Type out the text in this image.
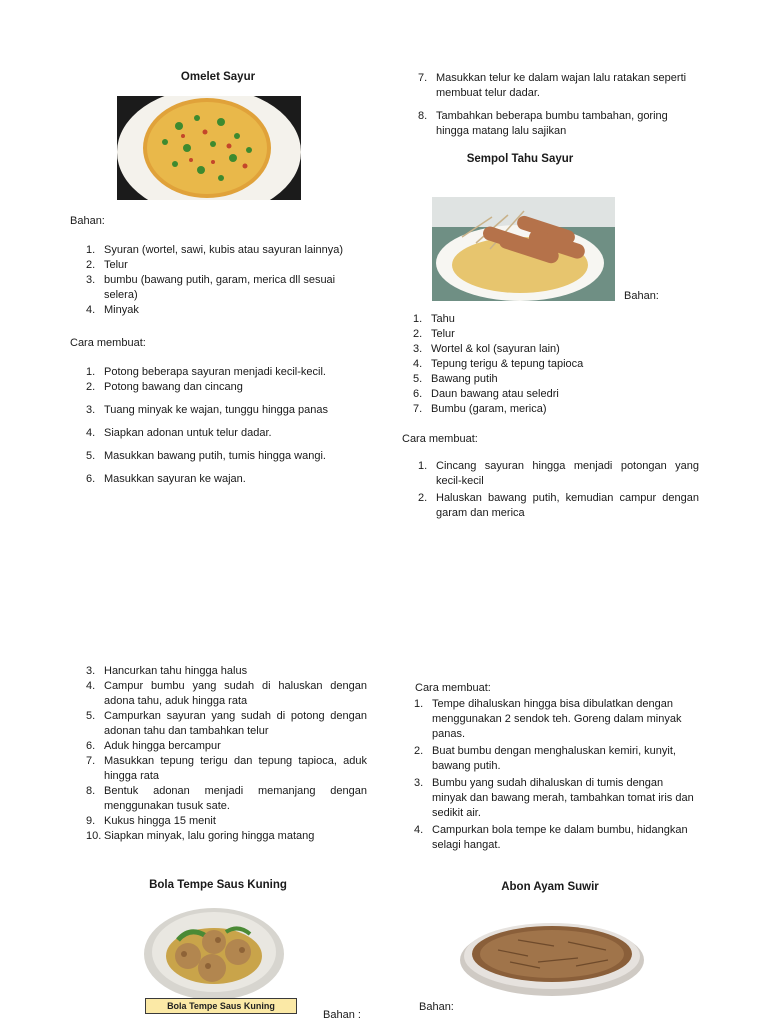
Omelet Sayur
Bahan:
1. Syuran (wortel, sawi, kubis atau sayuran lainnya)
2. Telur
3. bumbu (bawang putih, garam, merica dll sesuai selera)
4. Minyak
Cara membuat:
1. Potong beberapa sayuran menjadi kecil-kecil.
2. Potong bawang dan cincang
3. Tuang minyak ke wajan, tunggu hingga panas
4. Siapkan adonan untuk telur dadar.
5. Masukkan bawang putih, tumis hingga wangi.
6. Masukkan sayuran ke wajan.
7. Masukkan telur ke dalam wajan lalu ratakan seperti membuat telur dadar.
8. Tambahkan beberapa bumbu tambahan, goring hingga matang lalu sajikan
Sempol Tahu Sayur
Bahan:
1. Tahu
2. Telur
3. Wortel & kol (sayuran lain)
4. Tepung terigu & tepung tapioca
5. Bawang putih
6. Daun bawang atau seledri
7. Bumbu (garam, merica)
Cara membuat:
1. Cincang sayuran hingga menjadi potongan yang kecil-kecil
2. Haluskan bawang putih, kemudian campur dengan garam dan merica
3. Hancurkan tahu hingga halus
4. Campur bumbu yang sudah di haluskan dengan adona tahu, aduk hingga rata
5. Campurkan sayuran yang sudah di potong dengan adonan tahu dan tambahkan telur
6. Aduk hingga bercampur
7. Masukkan tepung terigu dan tepung tapioca, aduk hingga rata
8. Bentuk adonan menjadi memanjang dengan menggunakan tusuk sate.
9. Kukus hingga 15 menit
10. Siapkan minyak, lalu goring hingga matang
Cara membuat:
1. Tempe dihaluskan hingga bisa dibulatkan dengan menggunakan 2 sendok teh. Goreng dalam minyak panas.
2. Buat bumbu dengan menghaluskan kemiri, kunyit, bawang putih.
3. Bumbu yang sudah dihaluskan di tumis dengan minyak dan bawang merah, tambahkan tomat iris dan sedikit air.
4. Campurkan bola tempe ke dalam bumbu, hidangkan selagi hangat.
Bola Tempe Saus Kuning
Bola Tempe Saus Kuning
Bahan :
Abon Ayam Suwir
Bahan:
